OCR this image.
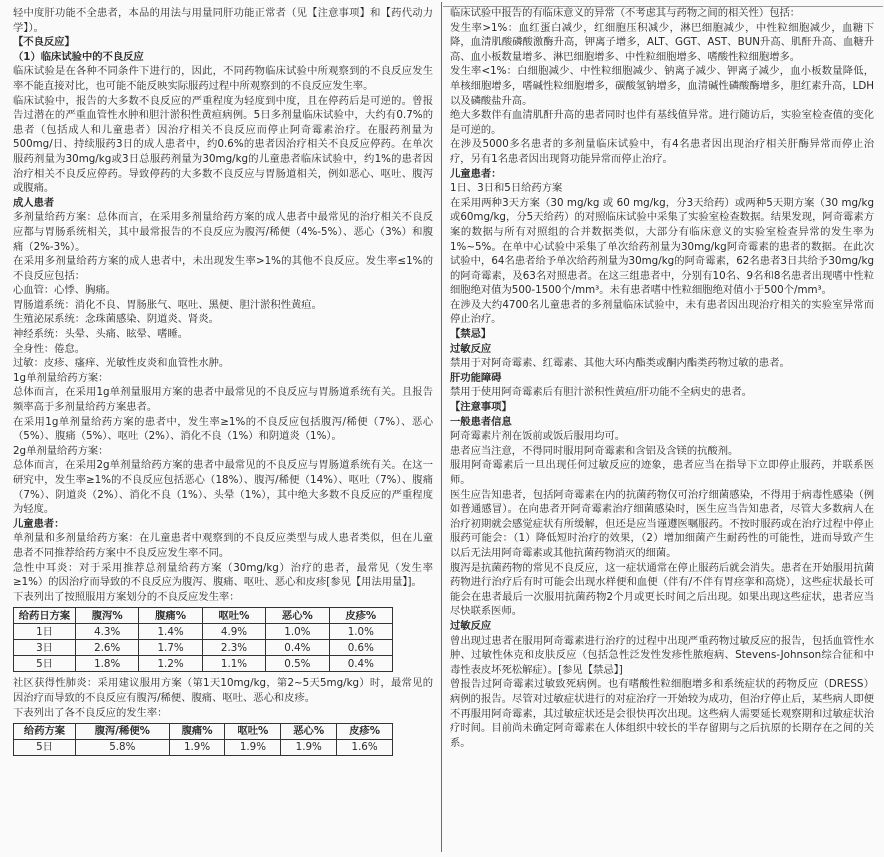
轻中度肝功能不全患者，本品的用法与用量同肝功能正常者（见【注意事项】和【药代动力学】）。

【不良反应】

（1）临床试验中的不良反应

临床试验是在各种不同条件下进行的，因此，不同药物临床试验中所观察到的不良反应发生率不能直接对比，也可能不能反映实际服药过程中所观察到的不良反应发生率。

临床试验中，报告的大多数不良反应的严重程度为轻度到中度，且在停药后是可逆的。曾报告过潜在的严重血管性水肿和胆汁淤积性黄疸病例。5日多剂量临床试验中，大约有0.7%的患者（包括成人和儿童患者）因治疗相关不良反应而停止阿奇霉素治疗。在服药剂量为500mg/日、持续服药3日的成人患者中，约0.6%的患者因治疗相关不良反应停药。在单次服药剂量为30mg/kg或3日总服药剂量为30mg/kg的儿童患者临床试验中，约1%的患者因治疗相关不良反应停药。导致停药的大多数不良反应与胃肠道相关，例如恶心、呕吐、腹泻或腹痛。

成人患者

多剂量给药方案：总体而言，在采用多剂量给药方案的成人患者中最常见的治疗相关不良反应都与胃肠系统相关，其中最常报告的不良反应为腹泻/稀便（4%-5%）、恶心（3%）和腹痛（2%-3%）。

在采用多剂量给药方案的成人患者中，未出现发生率>1%的其他不良反应。发生率≤1%的不良反应包括：

心血管：心悸、胸痛。

胃肠道系统：消化不良、胃肠胀气、呕吐、黑便、胆汁淤积性黄疸。

生殖泌尿系统：念珠菌感染、阴道炎、肾炎。

神经系统：头晕、头痛、眩晕、嗜睡。

全身性：倦怠。

过敏：皮疹、瘙痒、光敏性皮炎和血管性水肿。

1g单剂量给药方案：

总体而言，在采用1g单剂量服用方案的患者中最常见的不良反应与胃肠道系统有关。且报告频率高于多剂量给药方案患者。

在采用1g单剂量给药方案的患者中，发生率≥1%的不良反应包括腹泻/稀便（7%）、恶心（5%）、腹痛（5%）、呕吐（2%）、消化不良（1%）和阴道炎（1%）。

2g单剂量给药方案：

总体而言，在采用2g单剂量给药方案的患者中最常见的不良反应与胃肠道系统有关。在这一研究中，发生率≥1%的不良反应包括恶心（18%）、腹泻/稀便（14%）、呕吐（7%）、腹痛（7%）、阴道炎（2%）、消化不良（1%）、头晕（1%），其中绝大多数不良反应的严重程度为轻度。

儿童患者：

单剂量和多剂量给药方案：在儿童患者中观察到的不良反应类型与成人患者类似，但在儿童患者不同推荐给药方案中不良反应发生率不同。

急性中耳炎：对于采用推荐总剂量给药方案（30mg/kg）治疗的患者，最常见（发生率≥1%）的因治疗而导致的不良反应为腹泻、腹痛、呕吐、恶心和皮疹[参见【用法用量】]。

下表列出了按照服用方案划分的不良反应发生率：

给药日方案	腹泻%	腹痛%	呕吐%	恶心%	皮疹%
1日	4.3%	1.4%	4.9%	1.0%	1.0%
3日	2.6%	1.7%	2.3%	0.4%	0.6%
5日	1.8%	1.2%	1.1%	0.5%	0.4%

社区获得性肺炎：采用建议服用方案（第1天10mg/kg，第2~5天5mg/kg）时，最常见的因治疗而导致的不良反应有腹泻/稀便、腹痛、呕吐、恶心和皮疹。

下表列出了各不良反应的发生率：

给药方案	腹泻/稀便%	腹痛%	呕吐%	恶心%	皮疹%
5日	5.8%	1.9%	1.9%	1.9%	1.6%

临床试验中报告的有临床意义的异常（不考虑其与药物之间的相关性）包括：

发生率>1%：血红蛋白减少，红细胞压积减少，淋巴细胞减少，中性粒细胞减少，血糖下降，血清肌酸磷酸激酶升高，钾离子增多，ALT、GGT、AST、BUN升高、肌酐升高、血糖升高、血小板数量增多、淋巴细胞增多、中性粒细胞增多、嗜酸性粒细胞增多。

发生率<1%：白细胞减少、中性粒细胞减少、钠离子减少、钾离子减少，血小板数量降低，单核细胞增多，嗜碱性粒细胞增多，碳酸氢钠增多，血清碱性磷酸酶增多，胆红素升高，LDH以及磷酸盐升高。

绝大多数伴有血清肌酐升高的患者同时也伴有基线值异常。进行随访后，实验室检查值的变化是可逆的。

在涉及5000多名患者的多剂量临床试验中，有4名患者因出现治疗相关肝酶异常而停止治疗，另有1名患者因出现肾功能异常而停止治疗。

儿童患者：

1日、3日和5日给药方案

在采用两种3天方案（30 mg/kg 或 60 mg/kg，分3天给药）或两种5天期方案（30 mg/kg或60mg/kg，分5天给药）的对照临床试验中采集了实验室检查数据。结果发现，阿奇霉素方案的数据与所有对照组的合并数据类似，大部分有临床意义的实验室检查异常的发生率为1%~5%。在单中心试验中采集了单次给药剂量为30mg/kg阿奇霉素的患者的数据。在此次试验中，64名患者给予单次给药剂量为30mg/kg的阿奇霉素，62名患者3日共给予30mg/kg的阿奇霉素，及63名对照患者。在这三组患者中，分别有10名、9名和8名患者出现嗜中性粒细胞绝对值为500-1500个/mm³。未有患者嗜中性粒细胞绝对值小于500个/mm³。

在涉及大约4700名儿童患者的多剂量临床试验中，未有患者因出现治疗相关的实验室异常而停止治疗。

【禁忌】

过敏反应

禁用于对阿奇霉素、红霉素、其他大环内酯类或酮内酯类药物过敏的患者。

肝功能障碍

禁用于使用阿奇霉素后有胆汁淤积性黄疸/肝功能不全病史的患者。

【注意事项】

一般患者信息

阿奇霉素片剂在饭前或饭后服用均可。

患者应当注意，不得同时服用阿奇霉素和含铝及含镁的抗酸剂。

服用阿奇霉素后一旦出现任何过敏反应的迹象，患者应当在指导下立即停止服药，并联系医师。

医生应告知患者，包括阿奇霉素在内的抗菌药物仅可治疗细菌感染，不得用于病毒性感染（例如普通感冒）。在向患者开阿奇霉素治疗细菌感染时，医生应当告知患者，尽管大多数病人在治疗初期就会感觉症状有所缓解，但还是应当谨遵医嘱服药。不按时服药或在治疗过程中停止服药可能会：（1）降低短时治疗的效果，（2）增加细菌产生耐药性的可能性，进而导致产生以后无法用阿奇霉素或其他抗菌药物消灭的细菌。

腹泻是抗菌药物的常见不良反应，这一症状通常在停止服药后就会消失。患者在开始服用抗菌药物进行治疗后有时可能会出现水样便和血便（伴有/不伴有胃痉挛和高烧），这些症状最长可能会在患者最后一次服用抗菌药物2个月或更长时间之后出现。如果出现这些症状，患者应当尽快联系医师。

过敏反应

曾出现过患者在服用阿奇霉素进行治疗的过程中出现严重药物过敏反应的报告，包括血管性水肿、过敏性休克和皮肤反应（包括急性泛发性发疹性脓疱病、Stevens-Johnson综合征和中毒性表皮坏死松解症）。[参见【禁忌】]

曾报告过阿奇霉素过敏致死病例。也有嗜酸性粒细胞增多和系统症状的药物反应（DRESS）病例的报告。尽管对过敏症状进行的对症治疗一开始较为成功，但治疗停止后，某些病人即便不再服用阿奇霉素，其过敏症状还是会很快再次出现。这些病人需要延长观察期和过敏症状治疗时间。目前尚未确定阿奇霉素在人体组织中较长的半存留期与之后抗原的长期存在之间的关系。
